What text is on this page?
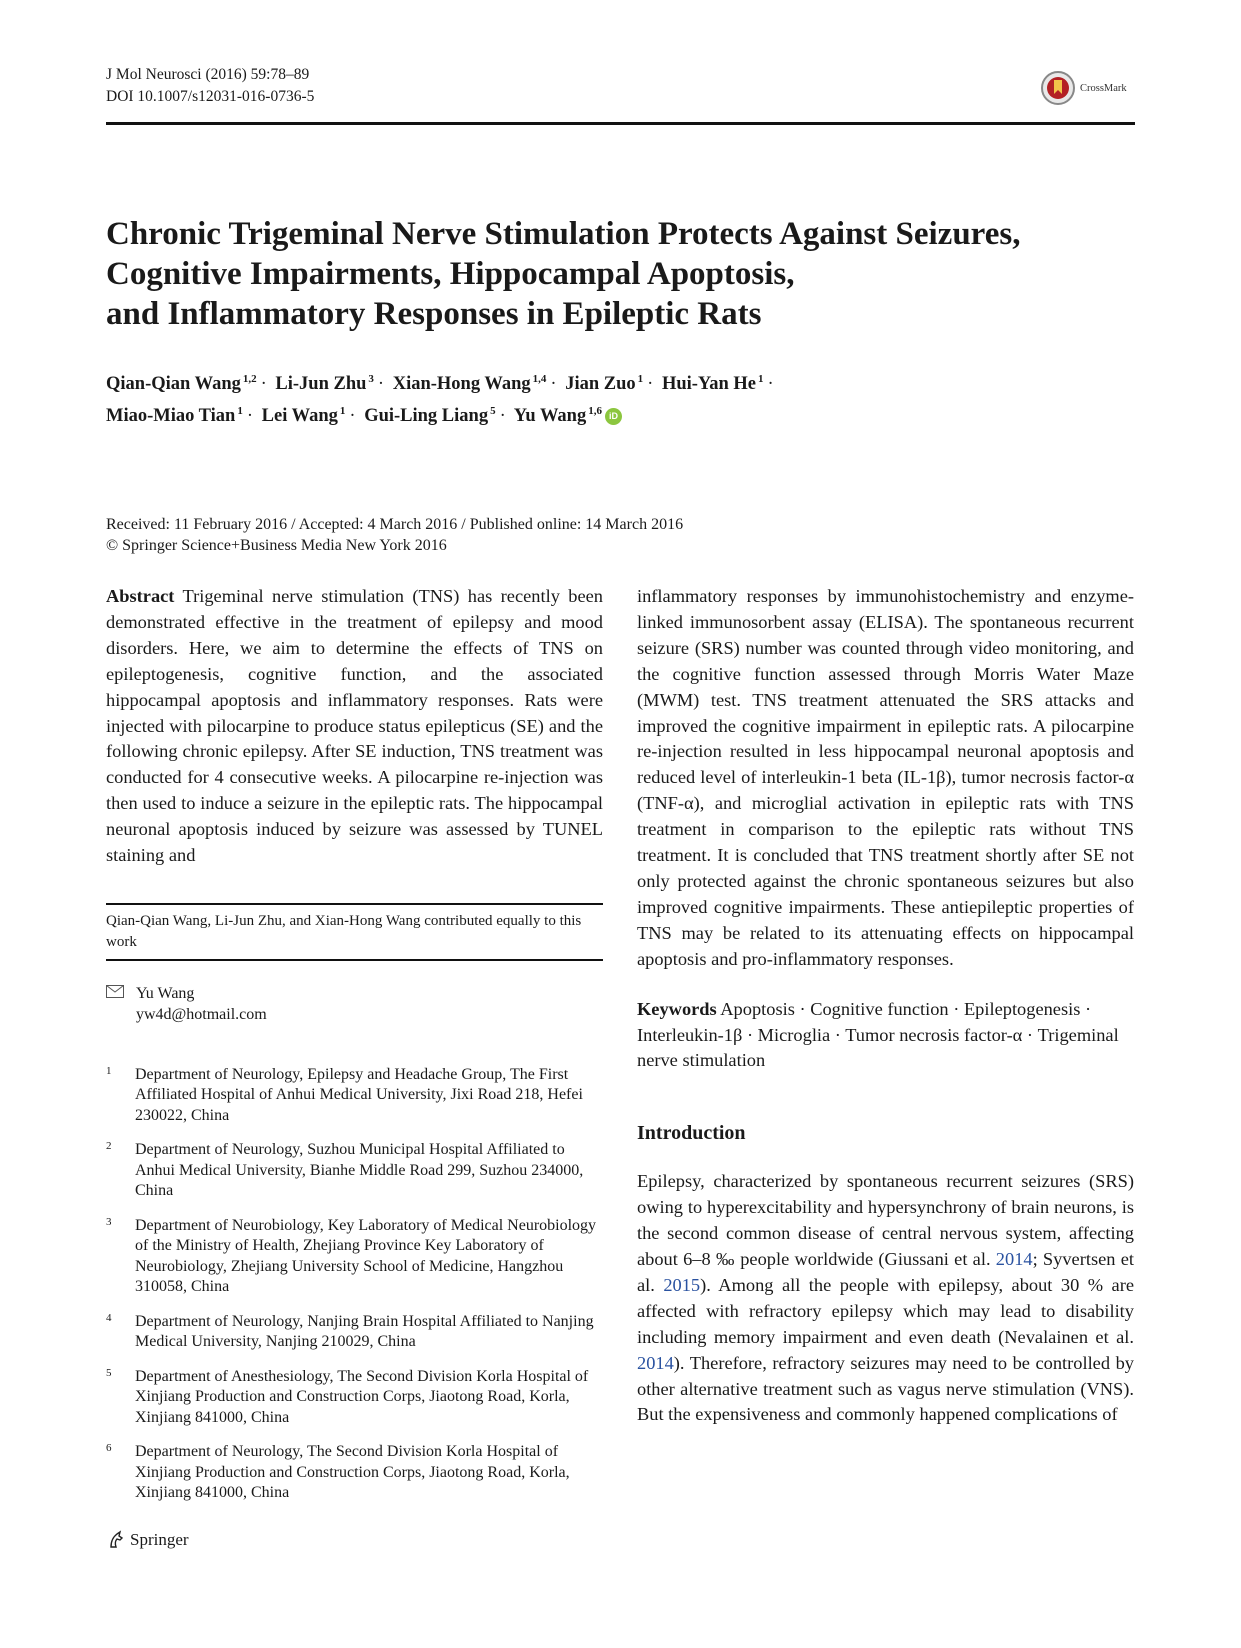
J Mol Neurosci (2016) 59:78–89
DOI 10.1007/s12031-016-0736-5	CrossMark
Chronic Trigeminal Nerve Stimulation Protects Against Seizures,
Cognitive Impairments, Hippocampal Apoptosis,
and Inflammatory Responses in Epileptic Rats
Qian-Qian Wang $^{1,2}$ · Li-Jun Zhu $^3$ · Xian-Hong Wang $^{1,4}$ · Jian Zuo $^1$ · Hui-Yan He $^1$ ·
Miao-Miao Tian $^1$ · Lei Wang $^1$ · Gui-Ling Liang $^5$ · Yu Wang $^{1,6}$ iD
Received: 11 February 2016 / Accepted: 4 March 2016 / Published online: 14 March 2016
© Springer Science+Business Media New York 2016

Abstract Trigeminal nerve stimulation (TNS) has recently been demonstrated effective in the treatment of epilepsy and mood disorders. Here, we aim to determine the effects of TNS on epileptogenesis, cognitive function, and the associated hippocampal apoptosis and inflammatory responses. Rats were injected with pilocarpine to produce status epilepticus (SE) and the following chronic epilepsy. After SE induction, TNS treatment was conducted for 4 consecutive weeks. A pilocarpine re-injection was then used to induce a seizure in the epileptic rats. The hippocampal neuronal apoptosis induced by seizure was assessed by TUNEL staining and

Qian-Qian Wang, Li-Jun Zhu, and Xian-Hong Wang contributed equally to this work
Yu Wang
yw4d@hotmail.com
1	Department of Neurology, Epilepsy and Headache Group, The First Affiliated Hospital of Anhui Medical University, Jixi Road 218, Hefei 230022, China
2	Department of Neurology, Suzhou Municipal Hospital Affiliated to Anhui Medical University, Bianhe Middle Road 299, Suzhou 234000, China
3	Department of Neurobiology, Key Laboratory of Medical Neurobiology of the Ministry of Health, Zhejiang Province Key Laboratory of Neurobiology, Zhejiang University School of Medicine, Hangzhou 310058, China
4	Department of Neurology, Nanjing Brain Hospital Affiliated to Nanjing Medical University, Nanjing 210029, China
5	Department of Anesthesiology, The Second Division Korla Hospital of Xinjiang Production and Construction Corps, Jiaotong Road, Korla, Xinjiang 841000, China
6	Department of Neurology, The Second Division Korla Hospital of Xinjiang Production and Construction Corps, Jiaotong Road, Korla, Xinjiang 841000, China

inflammatory responses by immunohistochemistry and enzyme-linked immunosorbent assay (ELISA). The spontaneous recurrent seizure (SRS) number was counted through video monitoring, and the cognitive function assessed through Morris Water Maze (MWM) test. TNS treatment attenuated the SRS attacks and improved the cognitive impairment in epileptic rats. A pilocarpine re-injection resulted in less hippocampal neuronal apoptosis and reduced level of interleukin-1 beta (IL-1β), tumor necrosis factor-α (TNF-α), and microglial activation in epileptic rats with TNS treatment in comparison to the epileptic rats without TNS treatment. It is concluded that TNS treatment shortly after SE not only protected against the chronic spontaneous seizures but also improved cognitive impairments. These antiepileptic properties of TNS may be related to its attenuating effects on hippocampal apoptosis and pro-inflammatory responses.

Keywords Apoptosis · Cognitive function · Epileptogenesis · Interleukin-1β · Microglia · Tumor necrosis factor-α · Trigeminal nerve stimulation

Introduction

Epilepsy, characterized by spontaneous recurrent seizures (SRS) owing to hyperexcitability and hypersynchrony of brain neurons, is the second common disease of central nervous system, affecting about 6–8 ‰ people worldwide (Giussani et al. 2014; Syvertsen et al. 2015). Among all the people with epilepsy, about 30 % are affected with refractory epilepsy which may lead to disability including memory impairment and even death (Nevalainen et al. 2014). Therefore, refractory seizures may need to be controlled by other alternative treatment such as vagus nerve stimulation (VNS). But the expensiveness and commonly happened complications of

Springer
